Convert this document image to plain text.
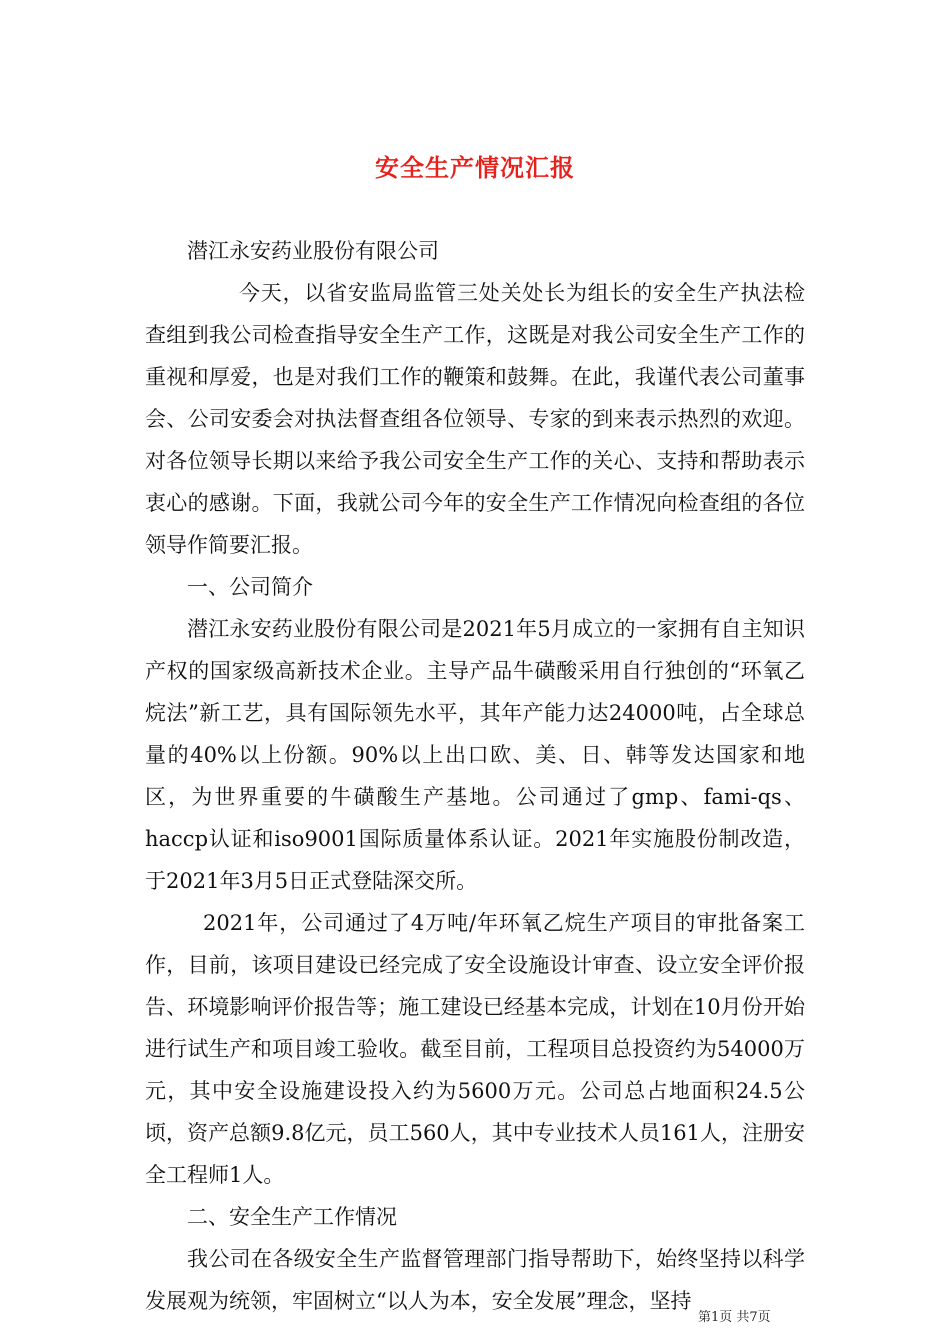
安全生产情况汇报

潜江永安药业股份有限公司

今天，以省安监局监管三处关处长为组长的安全生产执法检查组到我公司检查指导安全生产工作，这既是对我公司安全生产工作的重视和厚爱，也是对我们工作的鞭策和鼓舞。在此，我谨代表公司董事会、公司安委会对执法督查组各位领导、专家的到来表示热烈的欢迎。对各位领导长期以来给予我公司安全生产工作的关心、支持和帮助表示衷心的感谢。下面，我就公司今年的安全生产工作情况向检查组的各位领导作简要汇报。

一、公司简介

潜江永安药业股份有限公司是2021年5月成立的一家拥有自主知识产权的国家级高新技术企业。主导产品牛磺酸采用自行独创的“环氧乙烷法”新工艺，具有国际领先水平，其年产能力达24000吨，占全球总量的40%以上份额。90%以上出口欧、美、日、韩等发达国家和地区，为世界重要的牛磺酸生产基地。公司通过了gmp、fami-qs、haccp认证和iso9001国际质量体系认证。2021年实施股份制改造，于2021年3月5日正式登陆深交所。

2021年，公司通过了4万吨/年环氧乙烷生产项目的审批备案工作，目前，该项目建设已经完成了安全设施设计审查、设立安全评价报告、环境影响评价报告等；施工建设已经基本完成，计划在10月份开始进行试生产和项目竣工验收。截至目前，工程项目总投资约为54000万元，其中安全设施建设投入约为5600万元。公司总占地面积24.5公顷，资产总额9.8亿元，员工560人，其中专业技术人员161人，注册安全工程师1人。

二、安全生产工作情况

我公司在各级安全生产监督管理部门指导帮助下，始终坚持以科学发展观为统领，牢固树立“以人为本，安全发展”理念，坚持

第1页 共7页
